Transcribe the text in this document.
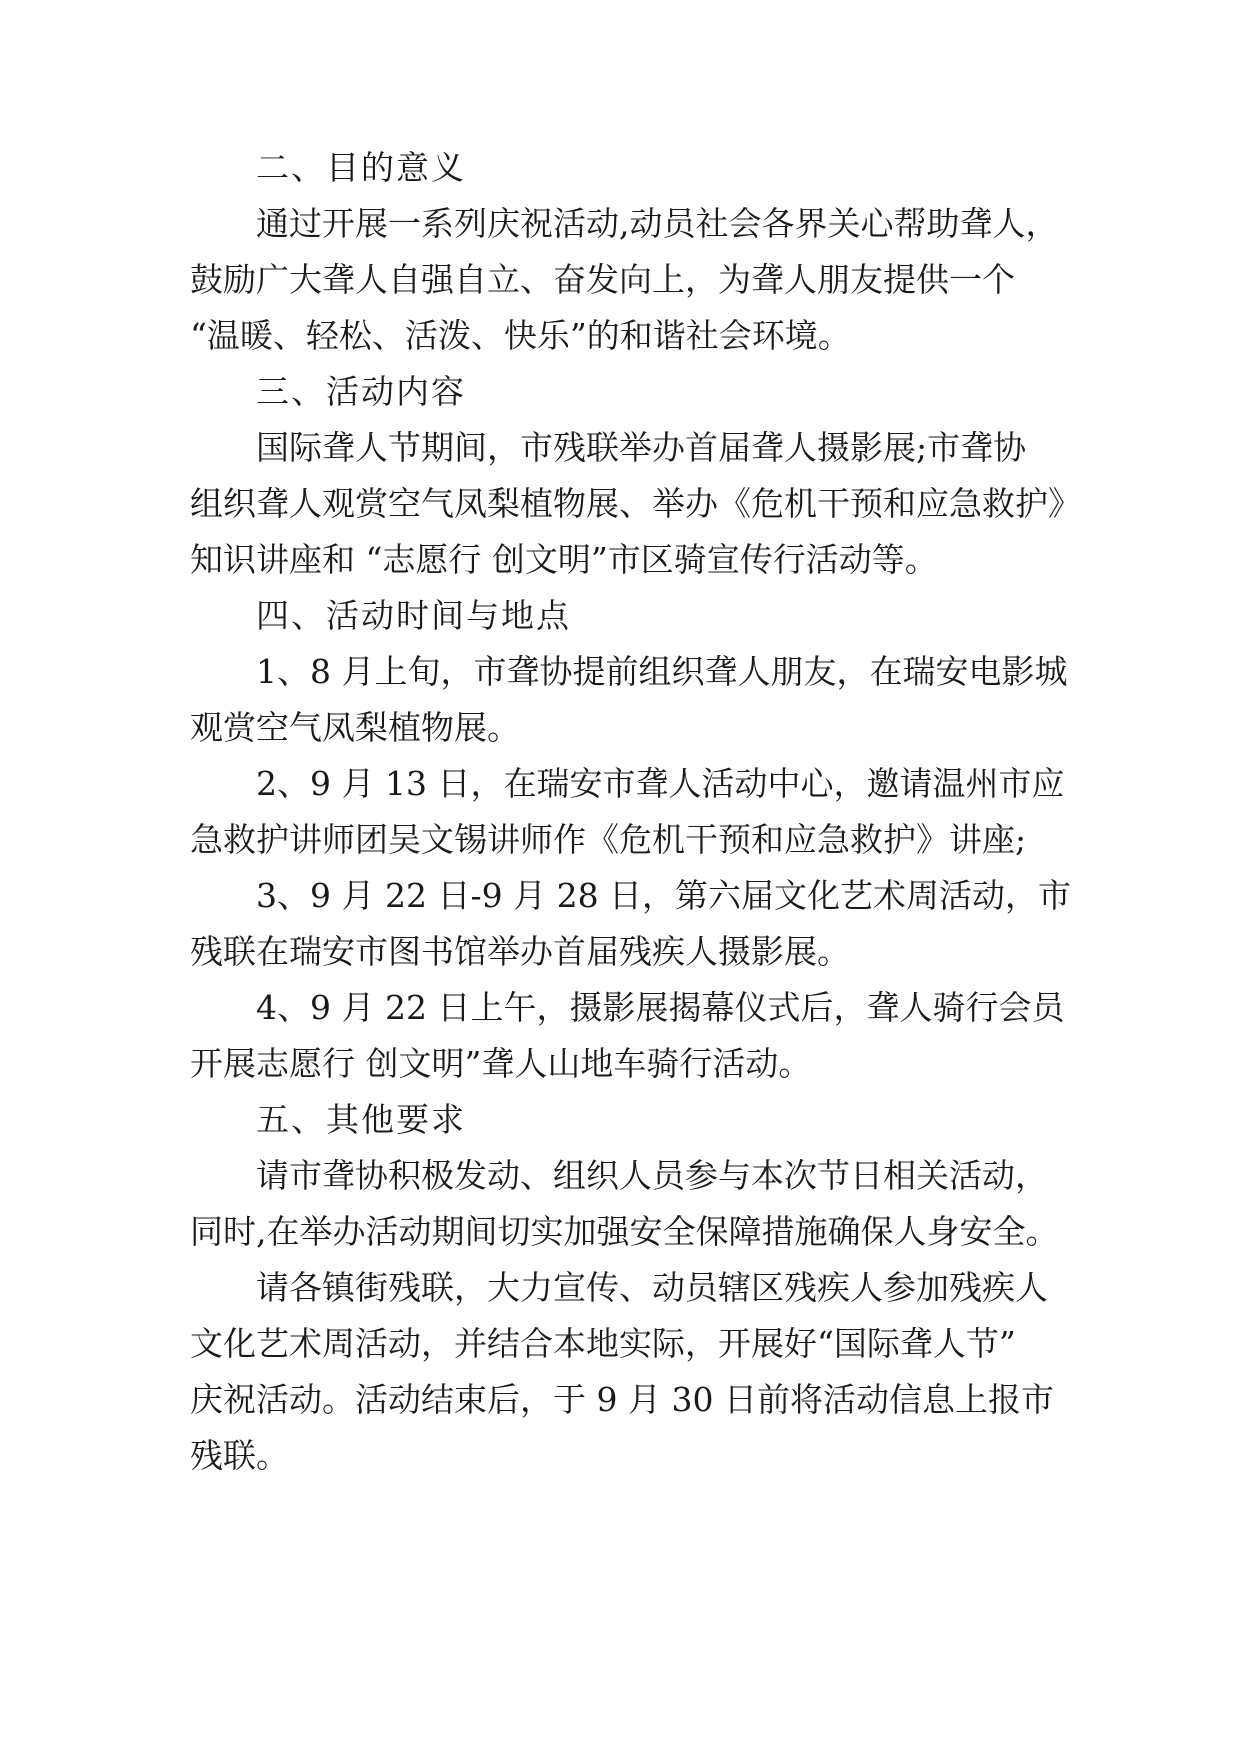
二、目的意义

通过开展一系列庆祝活动,动员社会各界关心帮助聋人，

鼓励广大聋人自强自立、奋发向上，为聋人朋友提供一个

“温暖、轻松、活泼、快乐”的和谐社会环境。

三、活动内容

国际聋人节期间，市残联举办首届聋人摄影展;市聋协

组织聋人观赏空气凤梨植物展、举办《危机干预和应急救护》

知识讲座和 “志愿行 创文明”市区骑宣传行活动等。

四、活动时间与地点

1、8 月上旬，市聋协提前组织聋人朋友，在瑞安电影城

观赏空气凤梨植物展。

2、9 月 13 日，在瑞安市聋人活动中心，邀请温州市应

急救护讲师团吴文锡讲师作《危机干预和应急救护》讲座;

3、9 月 22 日-9 月 28 日，第六届文化艺术周活动，市

残联在瑞安市图书馆举办首届残疾人摄影展。

4、9 月 22 日上午，摄影展揭幕仪式后，聋人骑行会员

开展志愿行 创文明”聋人山地车骑行活动。

五、其他要求

请市聋协积极发动、组织人员参与本次节日相关活动，

同时,在举办活动期间切实加强安全保障措施确保人身安全。

请各镇街残联，大力宣传、动员辖区残疾人参加残疾人

文化艺术周活动，并结合本地实际，开展好“国际聋人节”

庆祝活动。活动结束后，于 9 月 30 日前将活动信息上报市

残联。
